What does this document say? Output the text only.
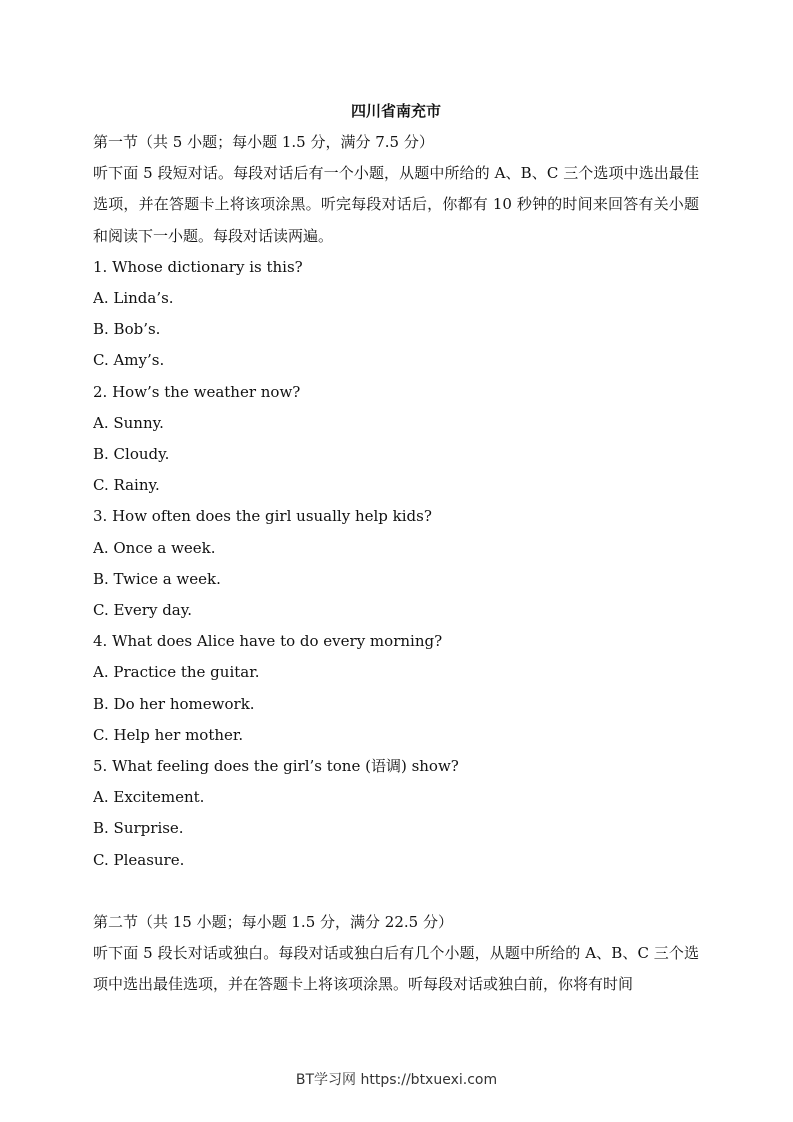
四川省南充市

第一节（共 5 小题；每小题 1.5 分，满分 7.5 分）

听下面 5 段短对话。每段对话后有一个小题，从题中所给的 A、B、C 三个选项中选出最佳选项，并在答题卡上将该项涂黑。听完每段对话后，你都有 10 秒钟的时间来回答有关小题和阅读下一小题。每段对话读两遍。

1. Whose dictionary is this?

A. Linda’s.

B. Bob’s.

C. Amy’s.

2. How’s the weather now?

A. Sunny.

B. Cloudy.

C. Rainy.

3. How often does the girl usually help kids?

A. Once a week.

B. Twice a week.

C. Every day.

4. What does Alice have to do every morning?

A. Practice the guitar.

B. Do her homework.

C. Help her mother.

5. What feeling does the girl’s tone (语调) show?

A. Excitement.

B. Surprise.

C. Pleasure.

第二节（共 15 小题；每小题 1.5 分，满分 22.5 分）

听下面 5 段长对话或独白。每段对话或独白后有几个小题，从题中所给的 A、B、C 三个选项中选出最佳选项，并在答题卡上将该项涂黑。听每段对话或独白前，你将有时间

BT学习网 https://btxuexi.com
